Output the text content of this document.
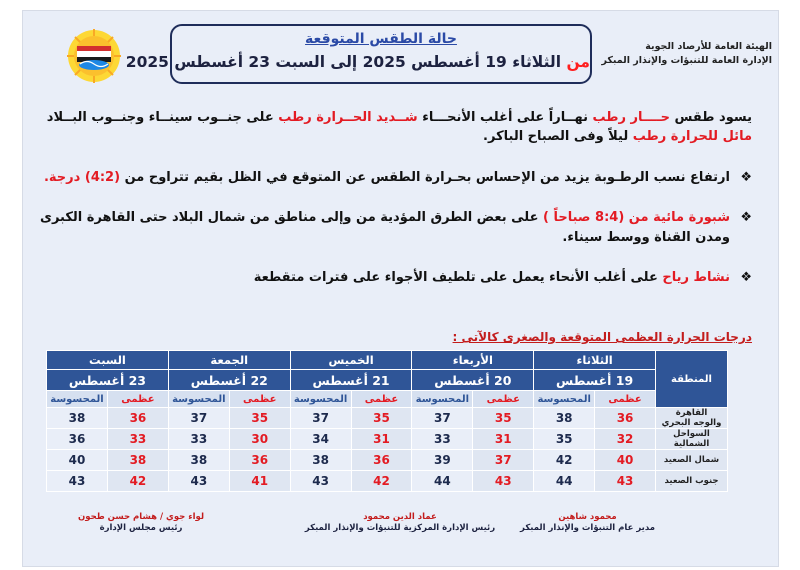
الهيئة العامة للأرصاد الجوية
الإدارة العامة للتنبؤات والإنذار المبكر
حالة الطقس المتوقعة
من الثلاثاء 19 أغسطس 2025 إلى السبت 23 أغسطس 2025
يسود طقس حــــار رطب نهــاراً على أغلب الأنحـــاء شــديد الحــرارة رطب على جنــوب سينــاء وجنــوب البــلاد
مائل للحرارة رطب ليلاً وفى الصباح الباكر.
❖
ارتفاع نسب الرطـوبة يزيد من الإحساس بحـرارة الطقس عن المتوقع في الظل بقيم تتراوح من (4:2) درجة.
❖
شبورة مائية من (8:4 صباحاً ) على بعض الطرق المؤدية من وإلى مناطق من شمال البلاد حتى القاهرة الكبرى
ومدن القناة ووسط سيناء.
❖
نشاط رياح على أغلب الأنحاء يعمل على تلطيف الأجواء على فترات متقطعة
درجات الحرارة العظمى المتوقعة والصغرى كالآتى :
المنطقة	الثلاثاء		الأربعاء		الخميس		الجمعة		السبت	
	19 أغسطس		20 أغسطس		21 أغسطس		22 أغسطس		23 أغسطس	
	عظمى	المحسوسة	عظمى	المحسوسة	عظمى	المحسوسة	عظمى	المحسوسة	عظمى	المحسوسة

القاهرة
والوجه البحري	36	38	35	37	35	37	35	37	36	38

السواحل الشمالية	32	35	31	33	31	34	30	33	33	36

شمال الصعيد	40	42	37	39	36	38	36	38	38	40

جنوب الصعيد	43	44	43	44	42	43	41	43	42	43
محمود شاهين
مدير عام التنبؤات والإنذار المبكر
عماد الدين محمود
رئيس الإدارة المركزية للتنبؤات والإنذار المبكر
لواء جوي / هشام حسن طحون
رئيس مجلس الإدارة
